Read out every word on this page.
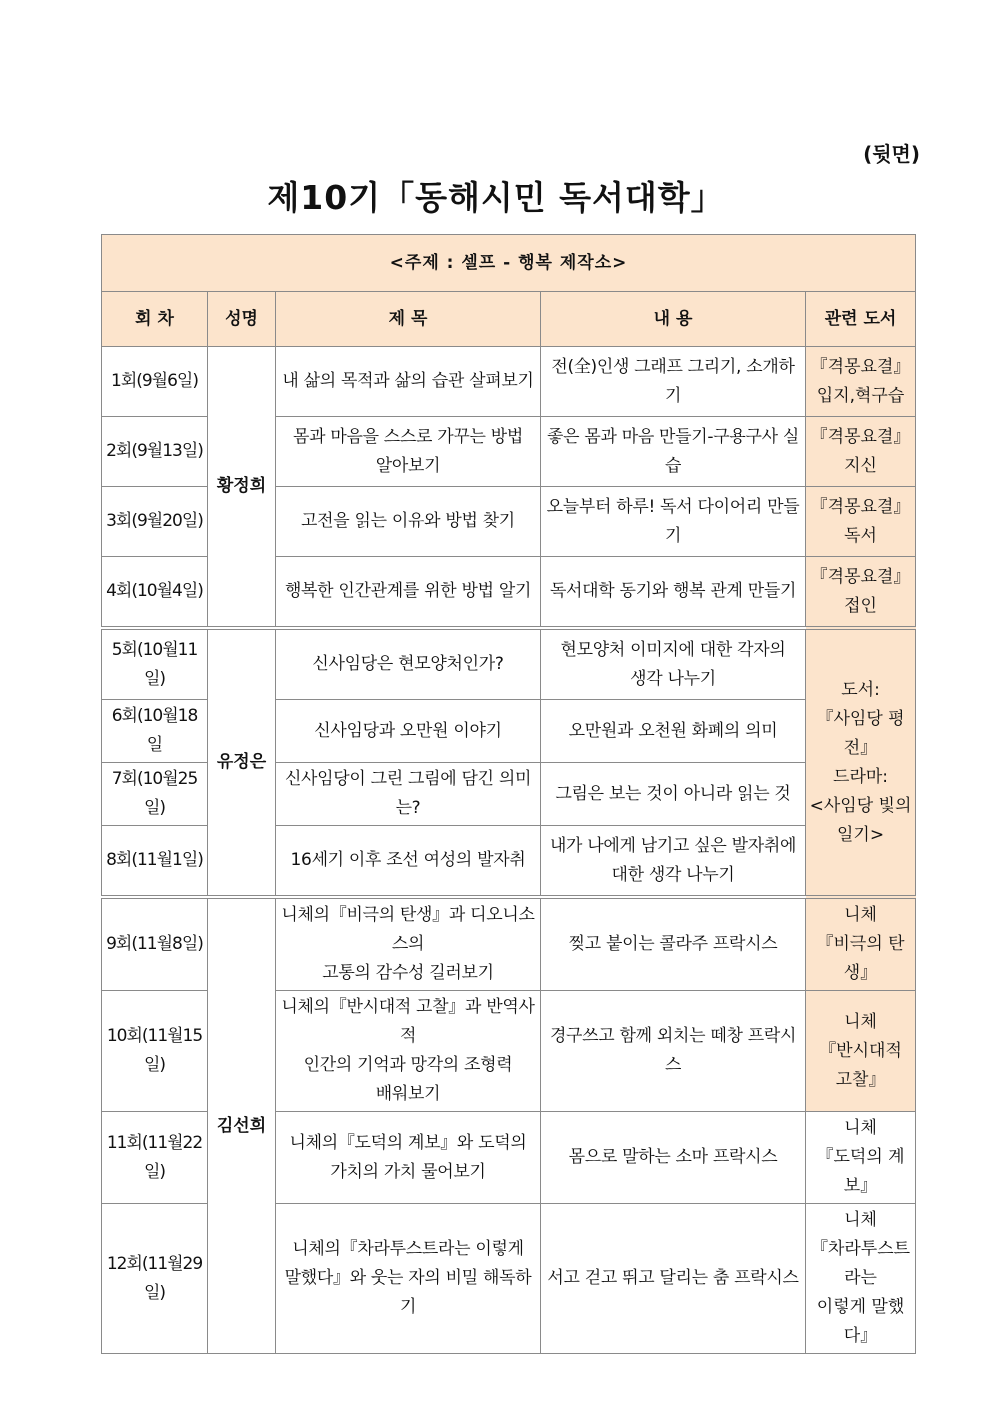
(뒷면)
제10기「동해시민 독서대학」
<주제 : 셀프 - 행복 제작소>				
회 차	성명	제 목	내 용	관련 도서
1회(9월6일)	황정희	내 삶의 목적과 삶의 습관 살펴보기	전(全)인생 그래프 그리기, 소개하기	『격몽요결』
입지,혁구습
2회(9월13일)		몸과 마음을 스스로 가꾸는 방법
알아보기	좋은 몸과 마음 만들기-구용구사 실습	『격몽요결』
지신
3회(9월20일)		고전을 읽는 이유와 방법 찾기	오늘부터 하루! 독서 다이어리 만들기	『격몽요결』
독서
4회(10월4일)		행복한 인간관계를 위한 방법 알기	독서대학 동기와 행복 관계 만들기	『격몽요결』
접인
5회(10월11일)	유정은	신사임당은 현모양처인가?	현모양처 이미지에 대한 각자의
생각 나누기	도서:
『사임당 평전』
드라마:
<사임당 빛의
일기>
6회(10월18일		신사임당과 오만원 이야기	오만원과 오천원 화폐의 의미	
7회(10월25일)		신사임당이 그린 그림에 담긴 의미는?	그림은 보는 것이 아니라 읽는 것	
8회(11월1일)		16세기 이후 조선 여성의 발자취	내가 나에게 남기고 싶은 발자취에
대한 생각 나누기	
9회(11월8일)	김선희	니체의『비극의 탄생』과 디오니소스의
고통의 감수성 길러보기	찢고 붙이는 콜라주 프락시스	니체
『비극의 탄생』
10회(11월15일)		니체의『반시대적 고찰』과 반역사적
인간의 기억과 망각의 조형력
배워보기	경구쓰고 함께 외치는 떼창 프락시스	니체
『반시대적 고찰』
11회(11월22일)		니체의『도덕의 계보』와 도덕의
가치의 가치 물어보기	몸으로 말하는 소마 프락시스	니체
『도덕의 계보』
12회(11월29일)		니체의『차라투스트라는 이렇게
말했다』와 웃는 자의 비밀 해독하기	서고 걷고 뛰고 달리는 춤 프락시스	니체
『차라투스트라는
이렇게 말했다』
